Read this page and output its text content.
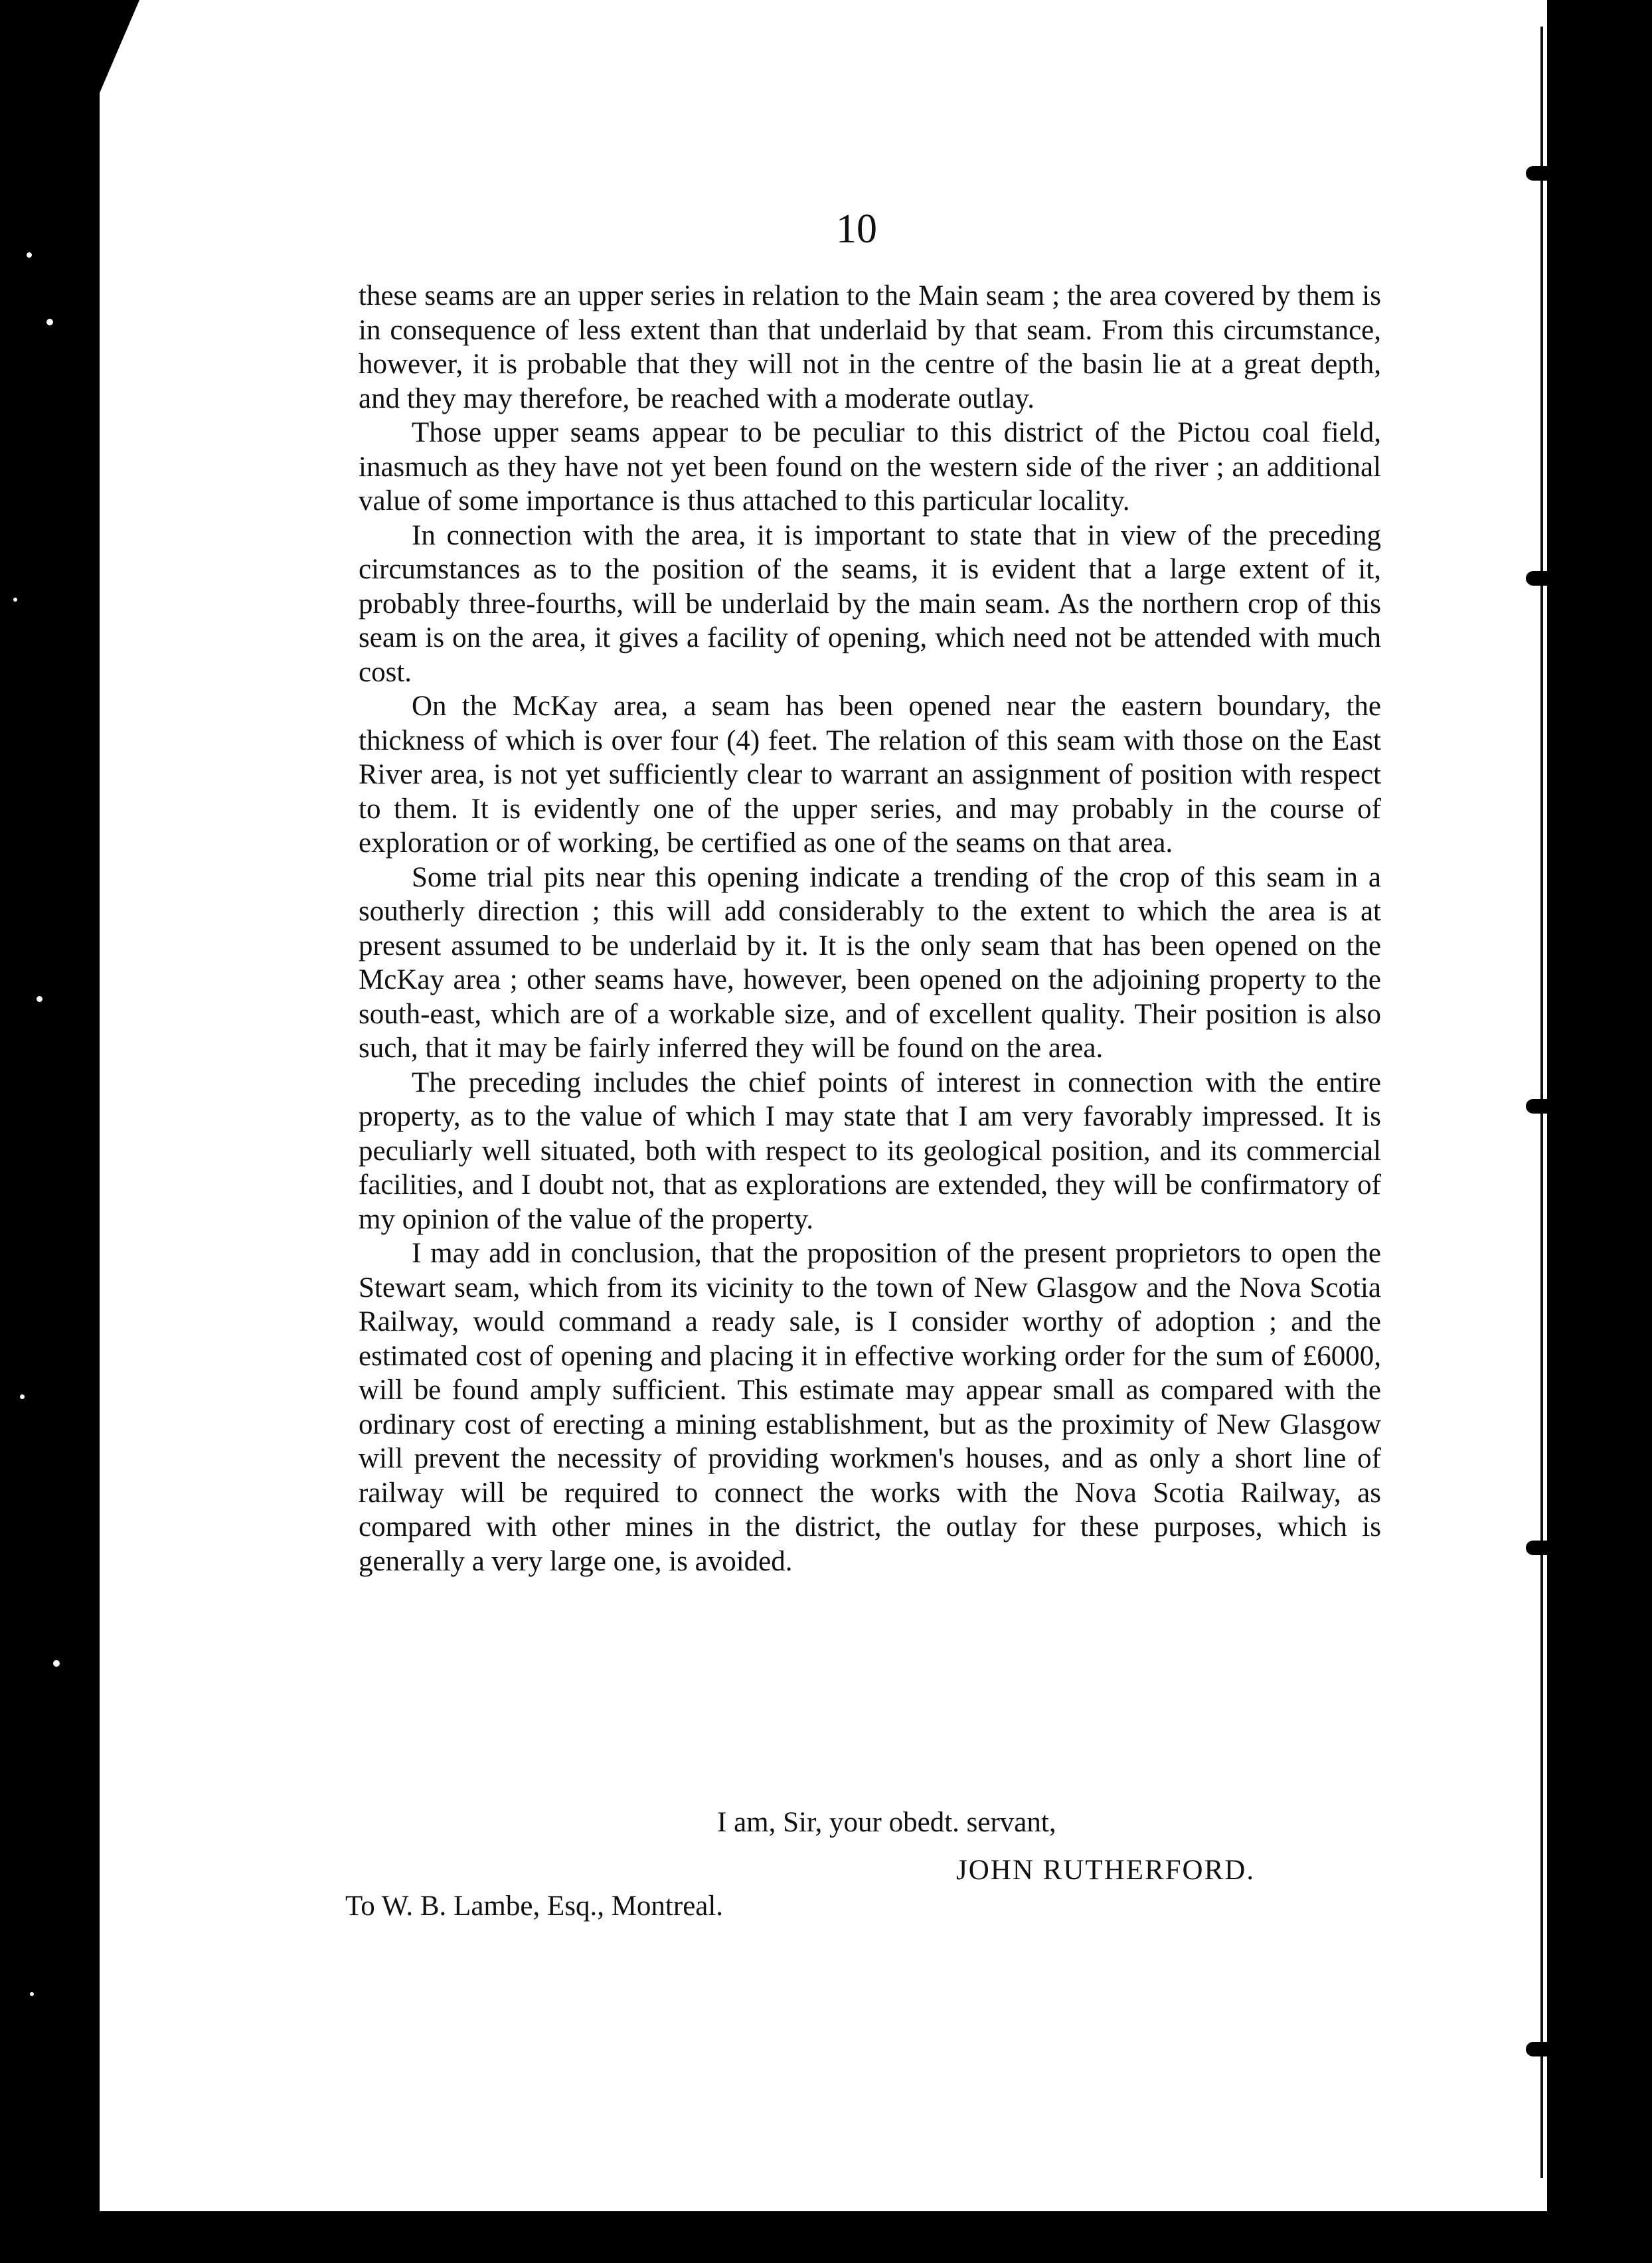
10

these seams are an upper series in relation to the Main seam ; the area covered by them is in consequence of less extent than that underlaid by that seam. From this circumstance, however, it is probable that they will not in the centre of the basin lie at a great depth, and they may therefore, be reached with a moderate outlay.

Those upper seams appear to be peculiar to this district of the Pictou coal field, inasmuch as they have not yet been found on the western side of the river ; an additional value of some importance is thus attached to this particular locality.

In connection with the area, it is important to state that in view of the preceding circumstances as to the position of the seams, it is evident that a large extent of it, probably three-fourths, will be underlaid by the main seam. As the northern crop of this seam is on the area, it gives a facility of opening, which need not be attended with much cost.

On the McKay area, a seam has been opened near the eastern boundary, the thickness of which is over four (4) feet. The relation of this seam with those on the East River area, is not yet sufficiently clear to warrant an assignment of position with respect to them. It is evidently one of the upper series, and may probably in the course of exploration or of working, be certified as one of the seams on that area.

Some trial pits near this opening indicate a trending of the crop of this seam in a southerly direction ; this will add considerably to the extent to which the area is at present assumed to be underlaid by it. It is the only seam that has been opened on the McKay area ; other seams have, however, been opened on the adjoining property to the south-east, which are of a workable size, and of excellent quality. Their position is also such, that it may be fairly inferred they will be found on the area.

The preceding includes the chief points of interest in connection with the entire property, as to the value of which I may state that I am very favorably impressed. It is peculiarly well situated, both with respect to its geological position, and its commercial facilities, and I doubt not, that as explorations are extended, they will be confirmatory of my opinion of the value of the property.

I may add in conclusion, that the proposition of the present proprietors to open the Stewart seam, which from its vicinity to the town of New Glasgow and the Nova Scotia Railway, would command a ready sale, is I consider worthy of adoption ; and the estimated cost of opening and placing it in effective working order for the sum of £6000, will be found amply sufficient. This estimate may appear small as compared with the ordinary cost of erecting a mining establishment, but as the proximity of New Glasgow will prevent the necessity of providing workmen's houses, and as only a short line of railway will be required to connect the works with the Nova Scotia Railway, as compared with other mines in the district, the outlay for these purposes, which is generally a very large one, is avoided.

I am, Sir, your obedt. servant,
JOHN RUTHERFORD.
To W. B. Lambe, Esq., Montreal.
